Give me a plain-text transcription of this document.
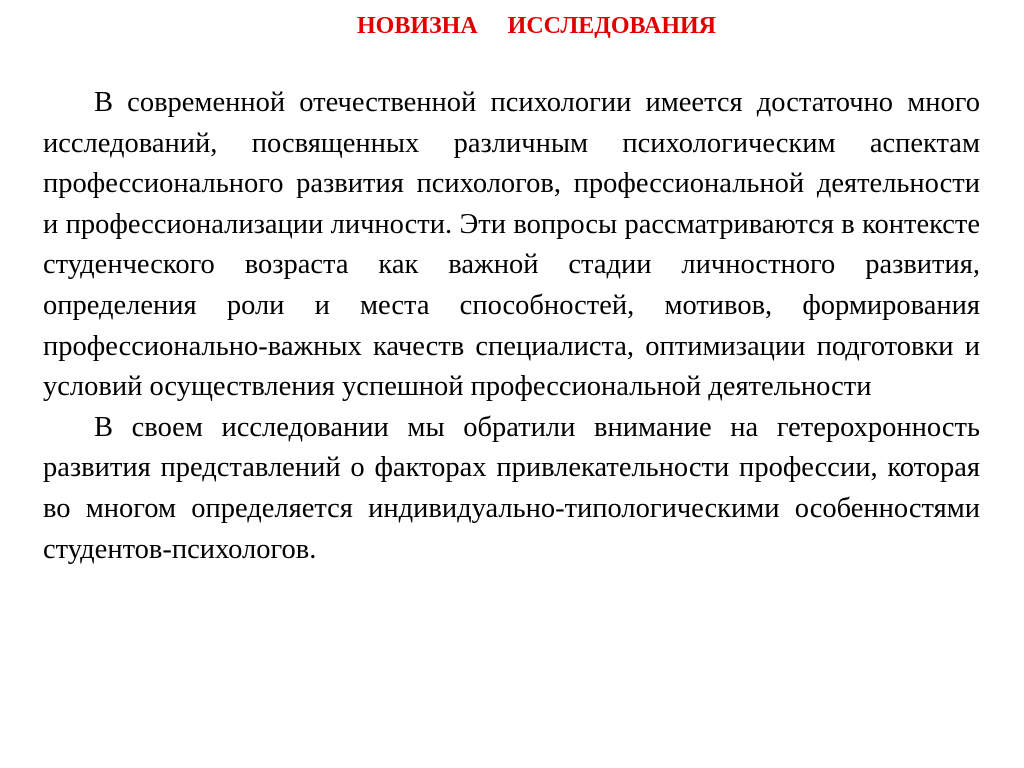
НОВИЗНА     ИССЛЕДОВАНИЯ

В современной отечественной психологии имеется достаточно много исследований, посвященных различным психологическим аспектам профессионального развития психологов, профессиональной деятельности и профессионализации личности. Эти вопросы рассматриваются в контексте студенческого возраста как важной стадии личностного развития, определения роли и места способностей, мотивов, формирования профессионально-важных качеств специалиста, оптимизации подготовки и условий осуществления успешной профессиональной деятельности

В своем исследовании мы обратили внимание на гетерохронность развития представлений о факторах привлекательности профессии, которая во многом определяется индивидуально-типологическими особенностями студентов-психологов.
